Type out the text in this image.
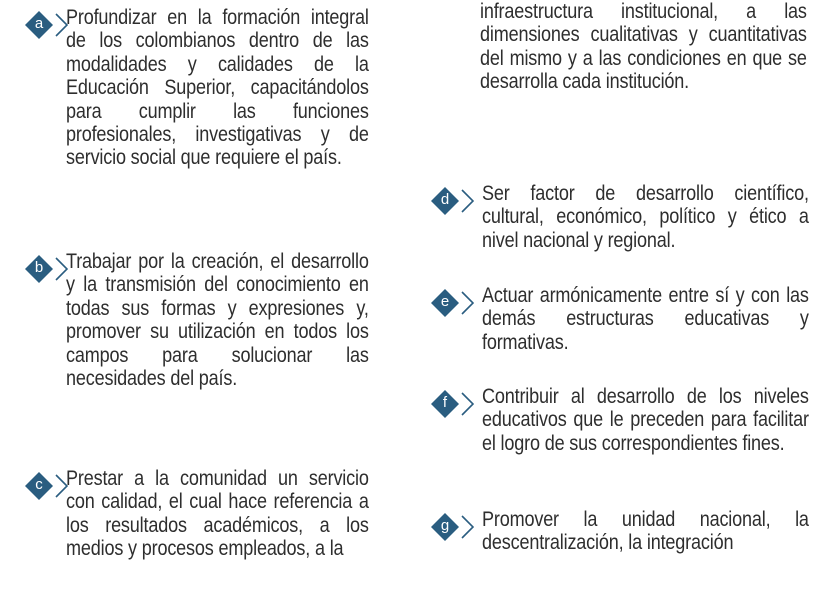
a	Profundizar en la formación integral de los colombianos dentro de las modalidades y calidades de la Educación Superior, capacitándolos para cumplir las funciones profesionales, investigativas y de servicio social que requiere el país.

b	Trabajar por la creación, el desarrollo y la transmisión del conocimiento en todas sus formas y expresiones y, promover su utilización en todos los campos para solucionar las necesidades del país.

c	Prestar a la comunidad un servicio con calidad, el cual hace referencia a los resultados académicos, a los medios y procesos empleados, a la

infraestructura institucional, a las dimensiones cualitativas y cuantitativas del mismo y a las condiciones en que se desarrolla cada institución.

d	Ser factor de desarrollo científico, cultural, económico, político y ético a nivel nacional y regional.

e	Actuar armónicamente entre sí y con las demás estructuras educativas y formativas.

f	Contribuir al desarrollo de los niveles educativos que le preceden para facilitar el logro de sus correspondientes fines.

g	Promover la unidad nacional, la descentralización, la integración
